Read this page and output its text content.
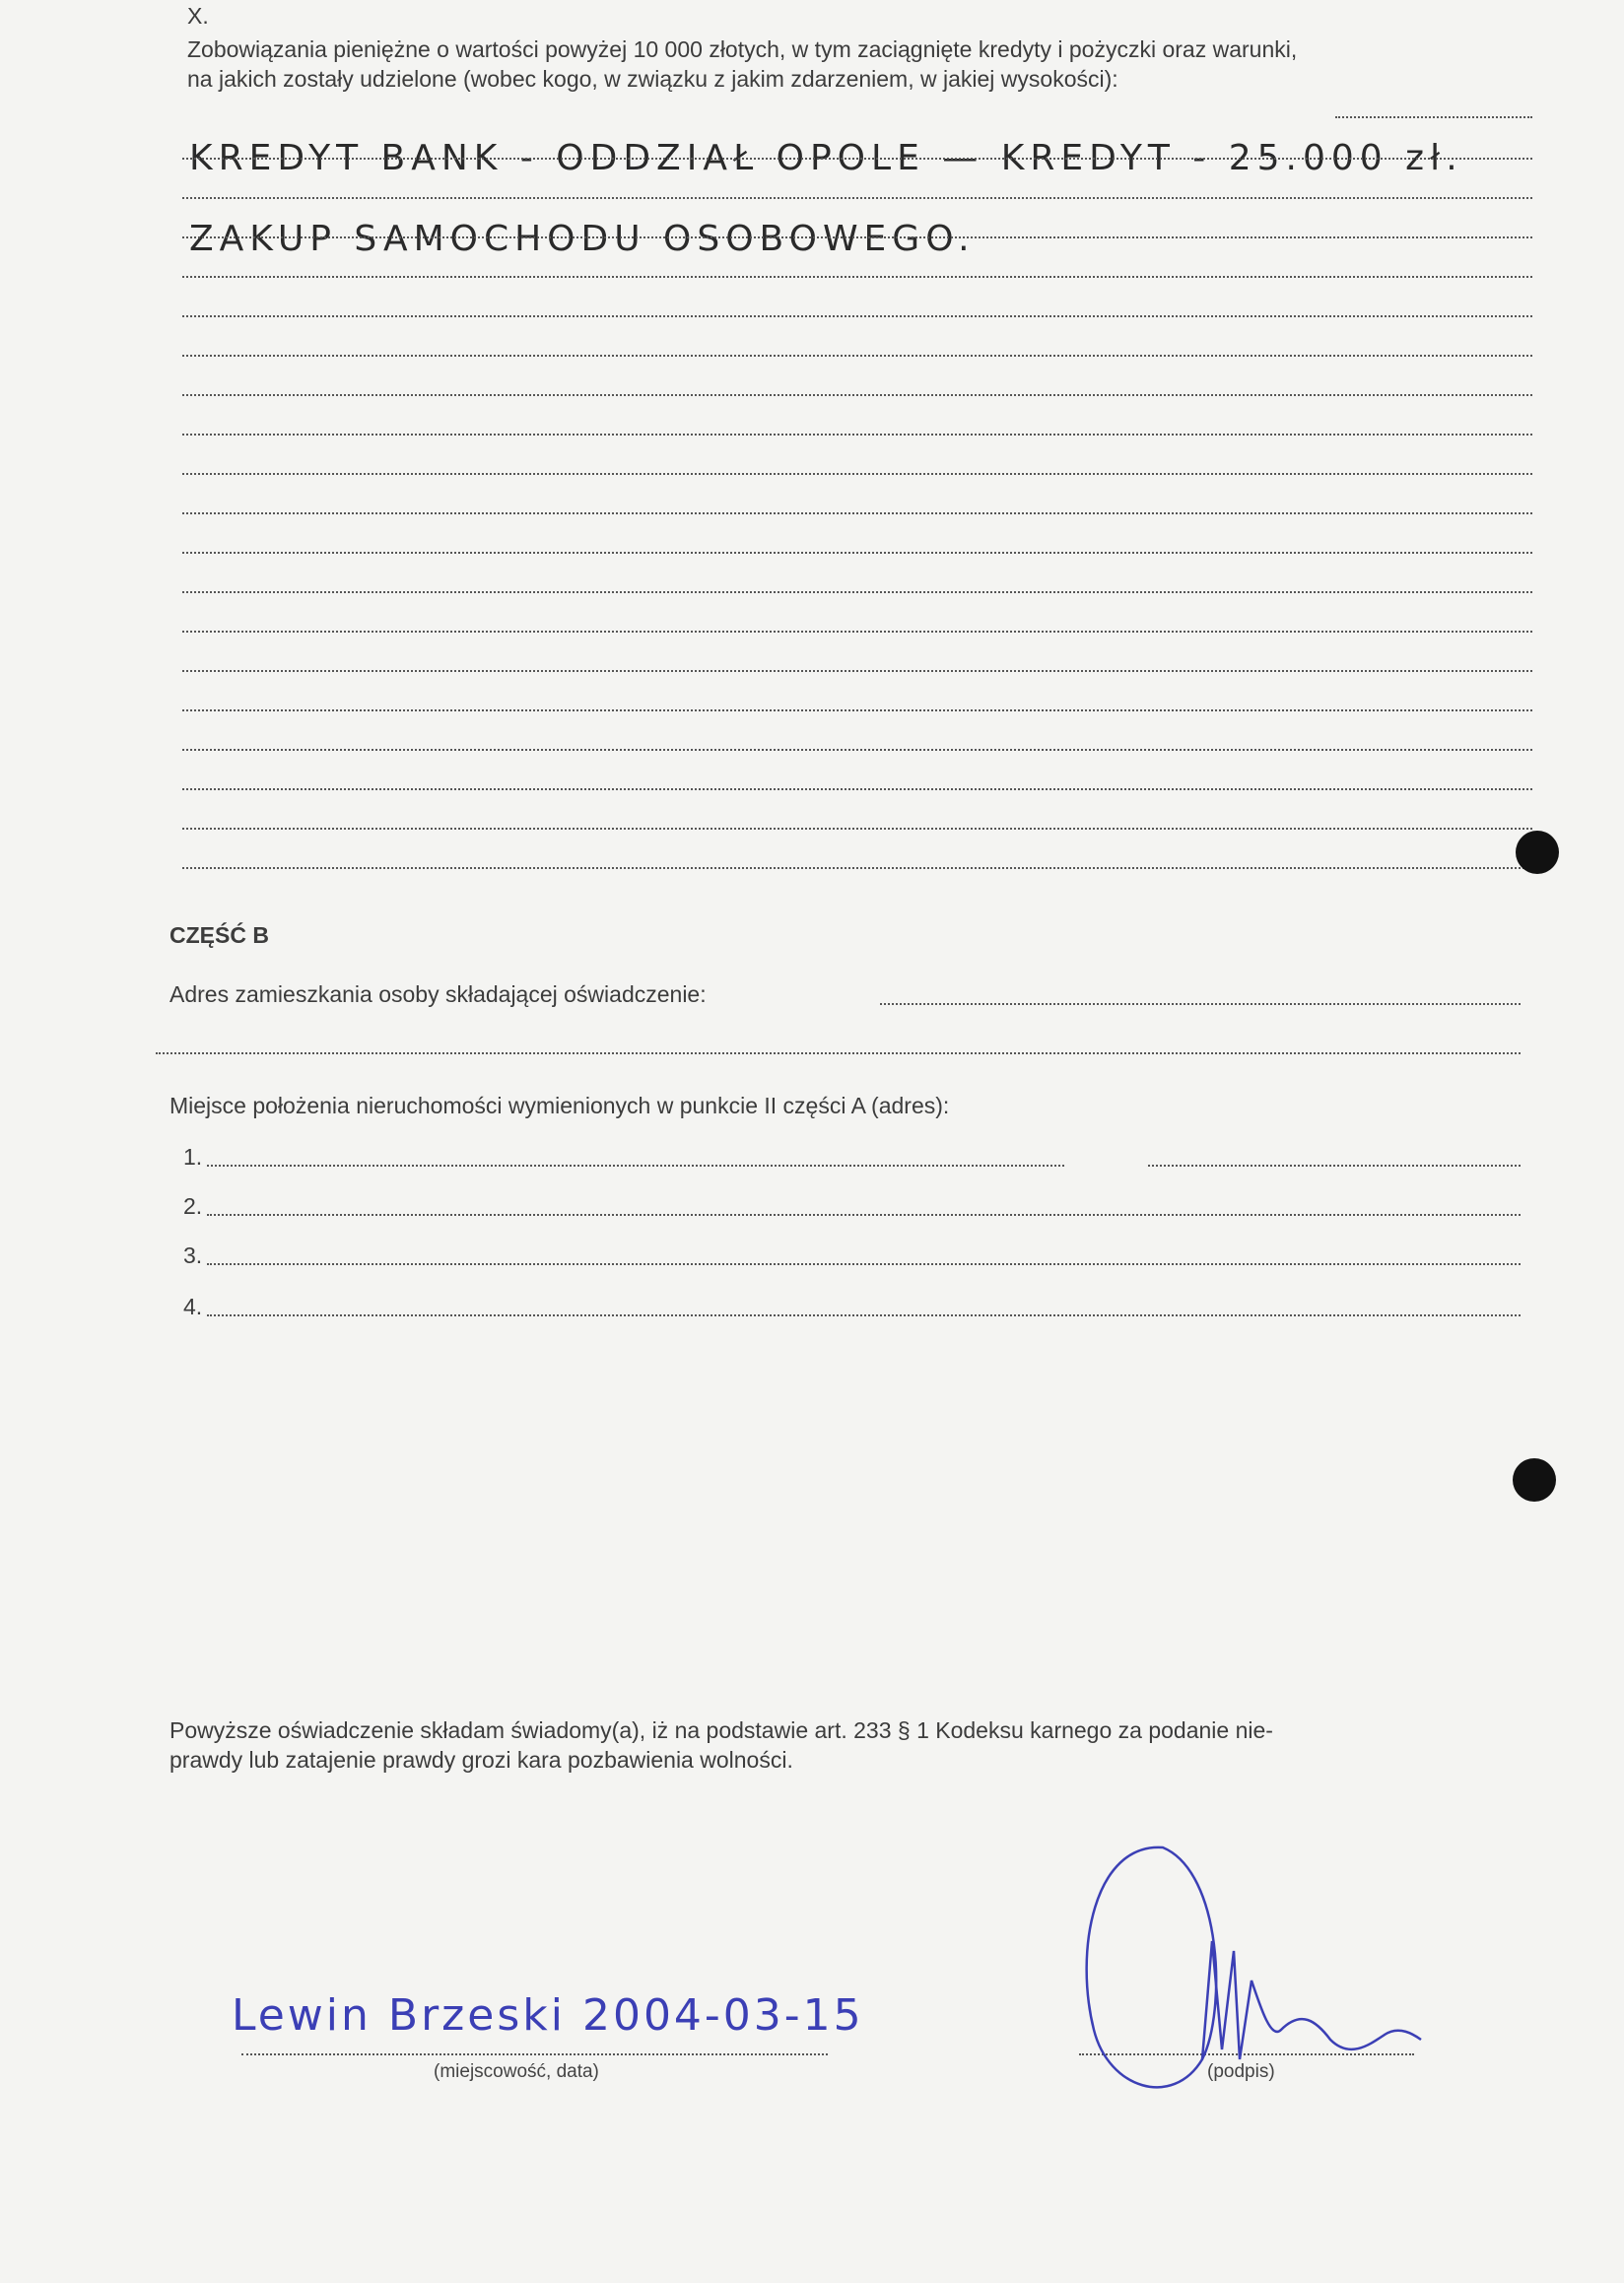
X.
Zobowiązania pieniężne o wartości powyżej 10 000 złotych, w tym zaciągnięte kredyty i pożyczki oraz warunki,
na jakich zostały udzielone (wobec kogo, w związku z jakim zdarzeniem, w jakiej wysokości):
KREDYT BANK - ODDZIAŁ OPOLE — KREDYT - 25.000 zł.
ZAKUP SAMOCHODU OSOBOWEGO.
CZĘŚĆ B
Adres zamieszkania osoby składającej oświadczenie:
Miejsce położenia nieruchomości wymienionych w punkcie II części A (adres):
1.
2.
3.
4.
Powyższe oświadczenie składam świadomy(a), iż na podstawie art. 233 § 1 Kodeksu karnego za podanie nie-
prawdy lub zatajenie prawdy grozi kara pozbawienia wolności.
Lewin Brzeski 2004-03-15
(miejscowość, data)	(podpis)
